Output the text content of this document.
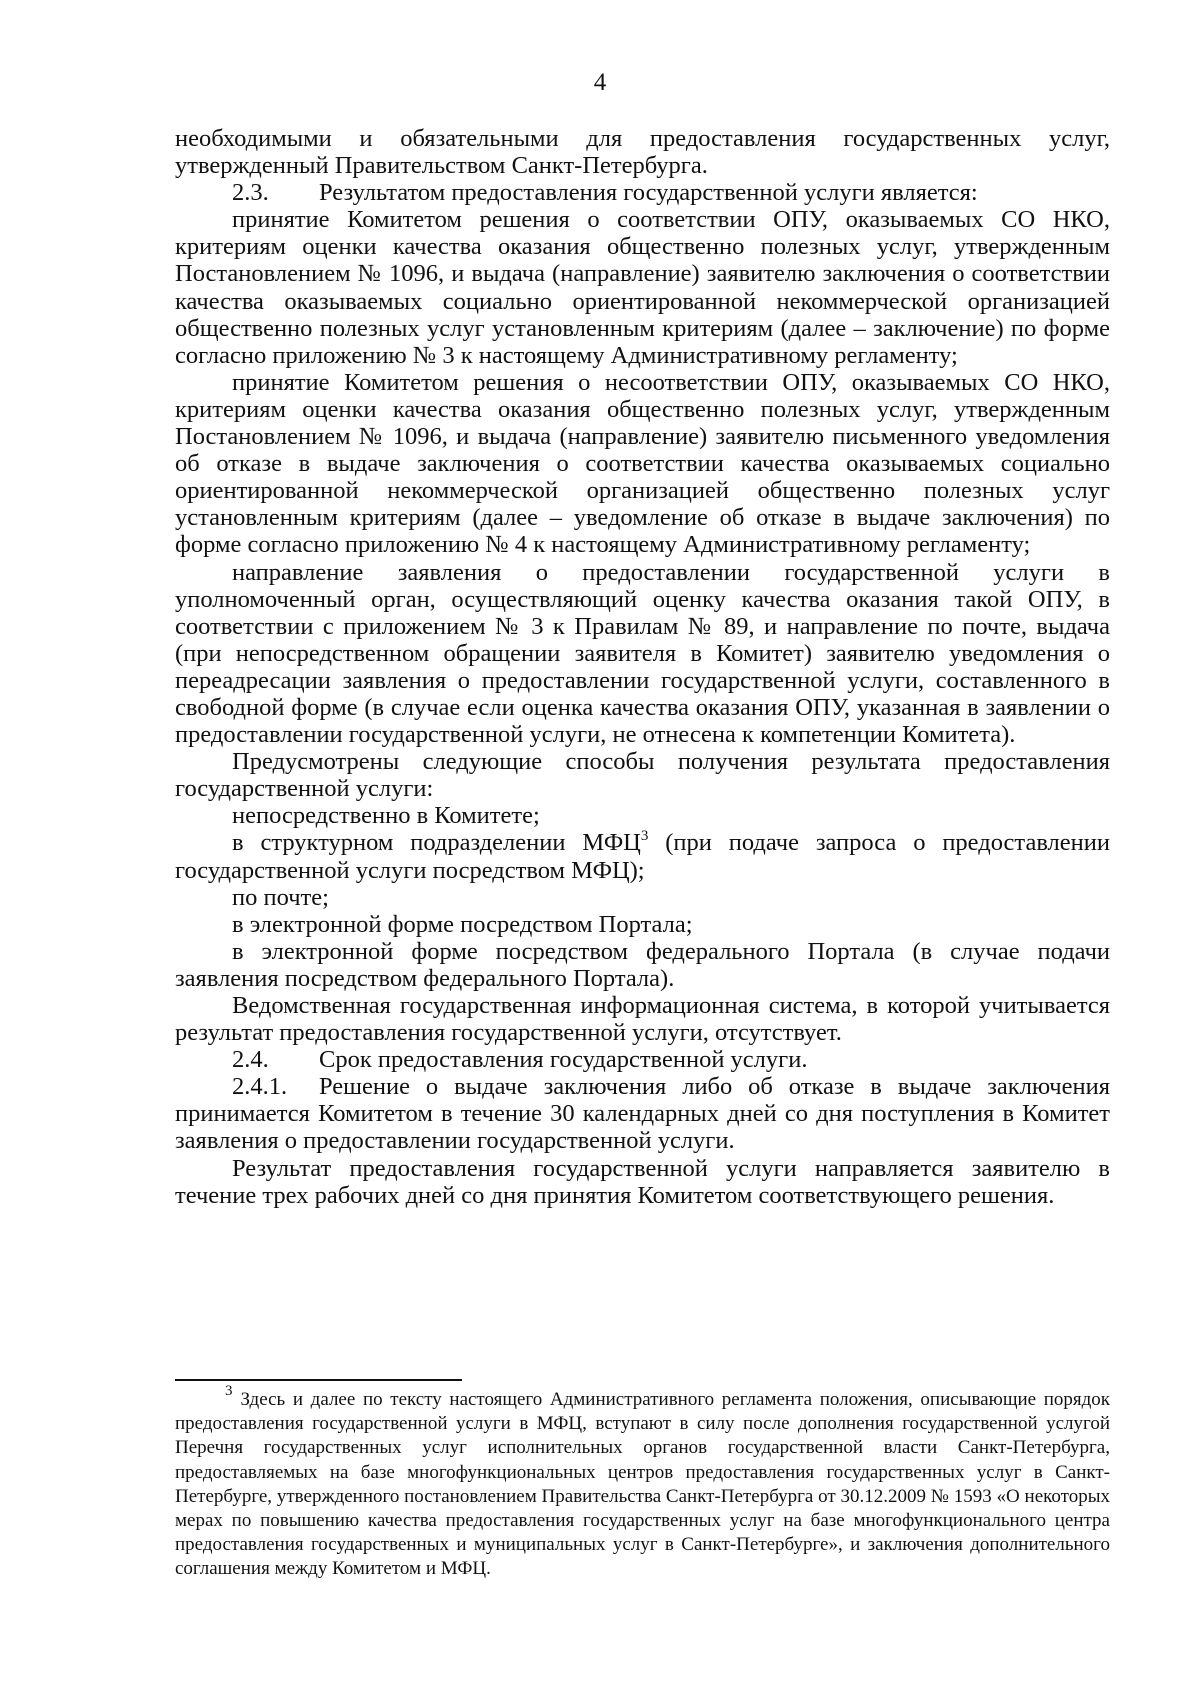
4

необходимыми и обязательными для предоставления государственных услуг, утвержденный Правительством Санкт-Петербурга.

2.3. Результатом предоставления государственной услуги является:

принятие Комитетом решения о соответствии ОПУ, оказываемых СО НКО, критериям оценки качества оказания общественно полезных услуг, утвержденным Постановлением № 1096, и выдача (направление) заявителю заключения о соответствии качества оказываемых социально ориентированной некоммерческой организацией общественно полезных услуг установленным критериям (далее – заключение) по форме согласно приложению № 3 к настоящему Административному регламенту;

принятие Комитетом решения о несоответствии ОПУ, оказываемых СО НКО, критериям оценки качества оказания общественно полезных услуг, утвержденным Постановлением № 1096, и выдача (направление) заявителю письменного уведомления об отказе в выдаче заключения о соответствии качества оказываемых социально ориентированной некоммерческой организацией общественно полезных услуг установленным критериям (далее – уведомление об отказе в выдаче заключения) по форме согласно приложению № 4 к настоящему Административному регламенту;

направление заявления о предоставлении государственной услуги в уполномоченный орган, осуществляющий оценку качества оказания такой ОПУ, в соответствии с приложением № 3 к Правилам № 89, и направление по почте, выдача (при непосредственном обращении заявителя в Комитет) заявителю уведомления о переадресации заявления о предоставлении государственной услуги, составленного в свободной форме (в случае если оценка качества оказания ОПУ, указанная в заявлении о предоставлении государственной услуги, не отнесена к компетенции Комитета).

Предусмотрены следующие способы получения результата предоставления государственной услуги:

непосредственно в Комитете;

в структурном подразделении МФЦ$^3$ (при подаче запроса о предоставлении государственной услуги посредством МФЦ);

по почте;

в электронной форме посредством Портала;

в электронной форме посредством федерального Портала (в случае подачи заявления посредством федерального Портала).

Ведомственная государственная информационная система, в которой учитывается результат предоставления государственной услуги, отсутствует.

2.4. Срок предоставления государственной услуги.

2.4.1. Решение о выдаче заключения либо об отказе в выдаче заключения принимается Комитетом в течение 30 календарных дней со дня поступления в Комитет заявления о предоставлении государственной услуги.

Результат предоставления государственной услуги направляется заявителю в течение трех рабочих дней со дня принятия Комитетом соответствующего решения.

$^3$ Здесь и далее по тексту настоящего Административного регламента положения, описывающие порядок предоставления государственной услуги в МФЦ, вступают в силу после дополнения государственной услугой Перечня государственных услуг исполнительных органов государственной власти Санкт-Петербурга, предоставляемых на базе многофункциональных центров предоставления государственных услуг в Санкт-Петербурге, утвержденного постановлением Правительства Санкт-Петербурга от 30.12.2009 № 1593 «О некоторых мерах по повышению качества предоставления государственных услуг на базе многофункционального центра предоставления государственных и муниципальных услуг в Санкт-Петербурге», и заключения дополнительного соглашения между Комитетом и МФЦ.
